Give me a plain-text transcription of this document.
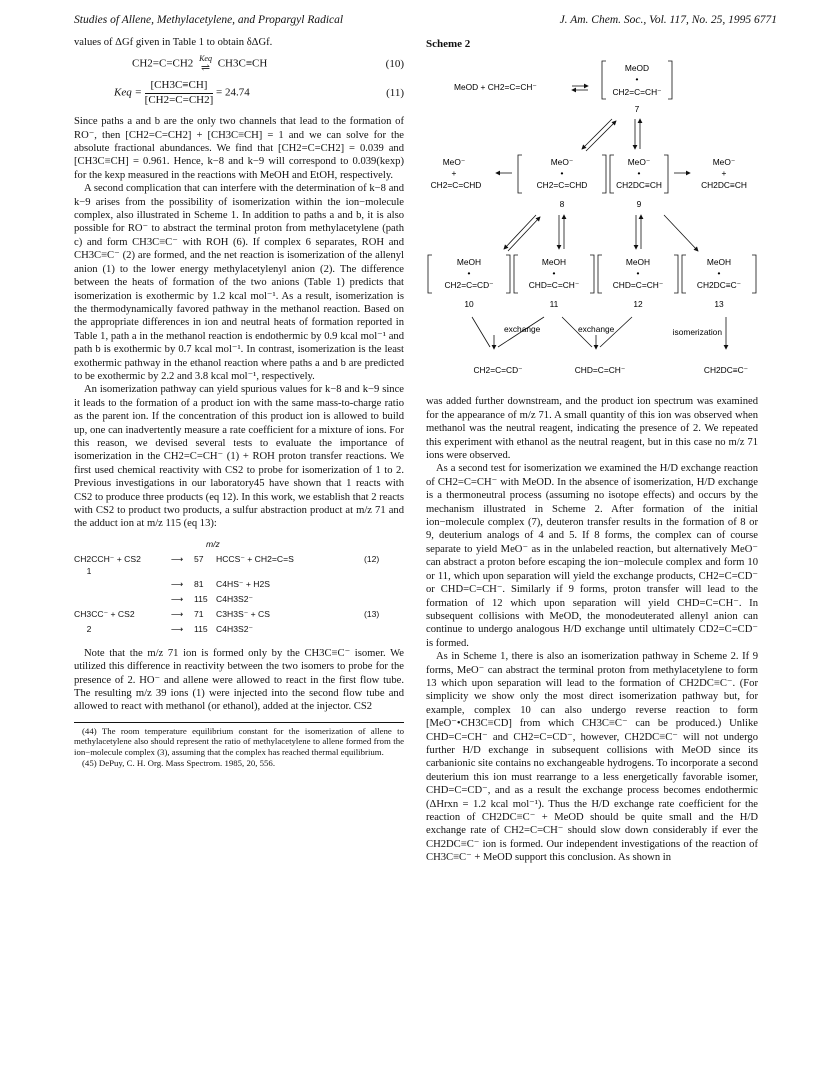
Studies of Allene, Methylacetylene, and Propargyl Radical	J. Am. Chem. Soc., Vol. 117, No. 25, 1995 6771

values of ΔGf given in Table 1 to obtain δΔGf.

CH2=C=CH2 Keq
⇌ CH3C≡CH	(10)
Keq = $\frac{[CH3C\equiv CH]}{[CH2=C=CH2]} = 24.74$	(11)

Since paths a and b are the only two channels that lead to the formation of RO⁻, then [CH2=C=CH2] + [CH3C≡CH] = 1 and we can solve for the absolute fractional abundances. We find that [CH2=C=CH2] = 0.039 and [CH3C≡CH] = 0.961. Hence, k−8 and k−9 will correspond to 0.039(kexp) for the kexp measured in the reactions with MeOH and EtOH, respectively.

A second complication that can interfere with the determination of k−8 and k−9 arises from the possibility of isomerization within the ion−molecule complex, also illustrated in Scheme 1. In addition to paths a and b, it is also possible for RO⁻ to abstract the terminal proton from methylacetylene (path c) and form CH3C≡C⁻ with ROH (6). If complex 6 separates, ROH and CH3C≡C⁻ (2) are formed, and the net reaction is isomerization of the allenyl anion (1) to the lower energy methylacetylenyl anion (2). The difference between the heats of formation of the two anions (Table 1) predicts that isomerization is exothermic by 1.2 kcal mol⁻¹. As a result, isomerization is the thermodynamically favored pathway in the methanol reaction. Based on the appropriate differences in ion and neutral heats of formation reported in Table 1, path a in the methanol reaction is endothermic by 0.9 kcal mol⁻¹ and path b is exothermic by 0.7 kcal mol⁻¹. In contrast, isomerization is the least exothermic pathway in the ethanol reaction where paths a and b are predicted to be exothermic by 2.2 and 3.8 kcal mol⁻¹, respectively.

An isomerization pathway can yield spurious values for k−8 and k−9 since it leads to the formation of a product ion with the same mass-to-charge ratio as the parent ion. If the concentration of this product ion is allowed to build up, one can inadvertently measure a rate coefficient for a mixture of ions. For this reason, we devised several tests to evaluate the importance of isomerization in the CH2=C=CH⁻ (1) + ROH proton transfer reactions. We first used chemical reactivity with CS2 to probe for isomerization of 1 to 2. Previous investigations in our laboratory45 have shown that 1 reacts with CS2 to produce three products (eq 12). In this work, we establish that 2 reacts with CS2 to product two products, a sulfur abstraction product at m/z 71 and the adduct ion at m/z 115 (eq 13):

m/z
CH2CCH⁻ + CS2	⟶	57	HCCS⁻ + CH2=C=S	(12)
1
⟶	81	C4HS⁻ + H2S
⟶	115 C4H3S2⁻
CH3CC⁻ + CS2	⟶	71	C3H3S⁻ + CS	(13)
2	⟶	115 C4H3S2⁻

Note that the m/z 71 ion is formed only by the CH3C≡C⁻ isomer. We utilized this difference in reactivity between the two isomers to probe for the presence of 2. HO⁻ and allene were allowed to react in the first flow tube. The resulting m/z 39 ions (1) were injected into the second flow tube and allowed to react with methanol (or ethanol), added at the injector. CS2

(44) The room temperature equilibrium constant for the isomerization of allene to methylacetylene also should represent the ratio of methylacetylene to allene formed from the ion−molecule complex (3), assuming that the complex has reached thermal equilibrium.

(45) DePuy, C. H. Org. Mass Spectrom. 1985, 20, 556.

Scheme 2
MeOD + CH2=C=CH⁻
MeOD
•
CH2=C=CH⁻
7
MeO⁻
+
CH2=C=CHD
MeO⁻
•
CH2=C=CHD
8
MeO⁻
•
CH2DC≡CH
9
MeO⁻
+
CH2DC≡CH
MeOH
•
CH2=C=CD⁻
10
MeOH
•
CHD=C=CH⁻
11
MeOH
•
CHD=C=CH⁻
12
MeOH
•
CH2DC≡C⁻
13
exchange	exchange	isomerization
CH2=C=CD⁻	CHD=C=CH⁻	CH2DC≡C⁻

was added further downstream, and the product ion spectrum was examined for the appearance of m/z 71. A small quantity of this ion was observed when methanol was the neutral reagent, indicating the presence of 2. We repeated this experiment with ethanol as the neutral reagent, but in this case no m/z 71 ions were observed.

As a second test for isomerization we examined the H/D exchange reaction of CH2=C=CH⁻ with MeOD. In the absence of isomerization, H/D exchange is a thermoneutral process (assuming no isotope effects) and occurs by the mechanism illustrated in Scheme 2. After formation of the initial ion−molecule complex (7), deuteron transfer results in the formation of 8 or 9, deuterium analogs of 4 and 5. If 8 forms, the complex can of course separate to yield MeO⁻ as in the unlabeled reaction, but alternatively MeO⁻ can abstract a proton before escaping the ion−molecule complex and form 10 or 11, which upon separation will yield the exchange products, CH2=C=CD⁻ or CHD=C=CH⁻. Similarly if 9 forms, proton transfer will lead to the formation of 12 which upon separation will yield CHD=C=CH⁻. In subsequent collisions with MeOD, the monodeuterated allenyl anion can continue to undergo analogous H/D exchange until ultimately CD2=C=CD⁻ is formed.

As in Scheme 1, there is also an isomerization pathway in Scheme 2. If 9 forms, MeO⁻ can abstract the terminal proton from methylacetylene to form 13 which upon separation will lead to the formation of CH2DC≡C⁻. (For simplicity we show only the most direct isomerization pathway but, for example, complex 10 can also undergo reverse reaction to form [MeO⁻•CH3C≡CD] from which CH3C≡C⁻ can be produced.) Unlike CHD=C=CH⁻ and CH2=C=CD⁻, however, CH2DC≡C⁻ will not undergo further H/D exchange in subsequent collisions with MeOD since its carbanionic site contains no exchangeable hydrogens. To incorporate a second deuterium this ion must rearrange to a less energetically favorable isomer, CHD=C=CD⁻, and as a result the exchange process becomes endothermic (ΔHrxn = 1.2 kcal mol⁻¹). Thus the H/D exchange rate coefficient for the reaction of CH2DC≡C⁻ + MeOD should be quite small and the H/D exchange rate of CH2=C=CH⁻ should slow down considerably if ever the CH2DC≡C⁻ ion is formed. Our independent investigations of the reaction of CH3C≡C⁻ + MeOD support this conclusion. As shown in
